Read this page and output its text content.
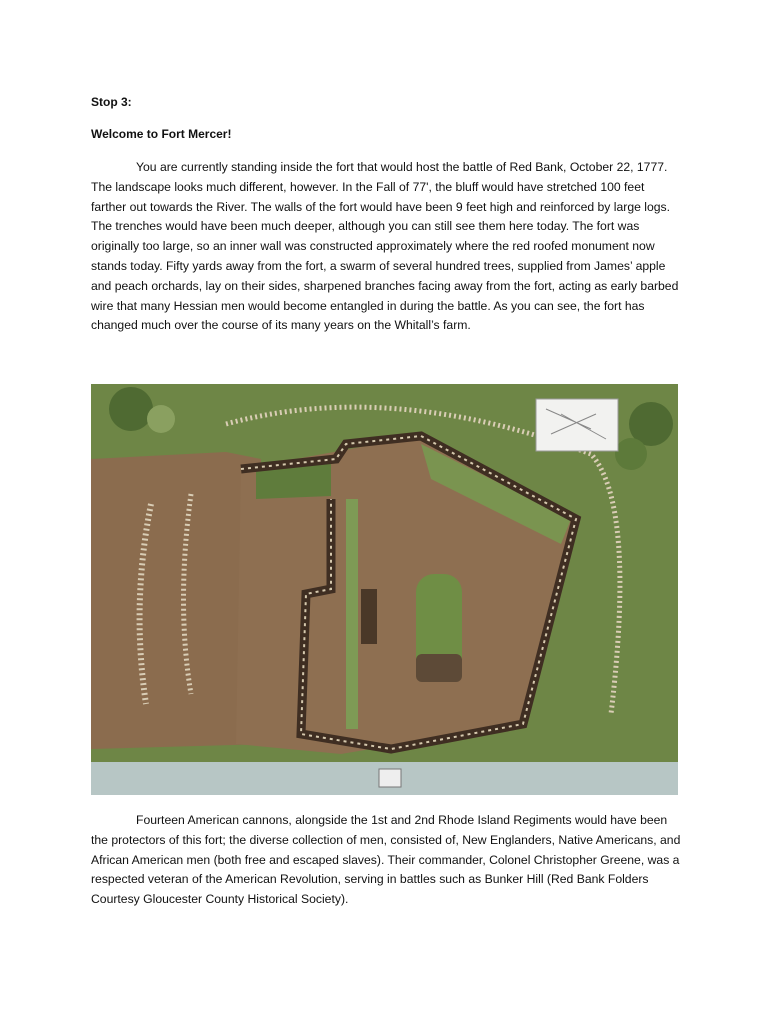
Stop 3:
Welcome to Fort Mercer!

You are currently standing inside the fort that would host the battle of Red Bank, October 22, 1777. The landscape looks much different, however. In the Fall of 77', the bluff would have stretched 100 feet farther out towards the River. The walls of the fort would have been 9 feet high and reinforced by large logs. The trenches would have been much deeper, although you can still see them here today. The fort was originally too large, so an inner wall was constructed approximately where the red roofed monument now stands today. Fifty yards away from the fort, a swarm of several hundred trees, supplied from James’ apple and peach orchards, lay on their sides, sharpened branches facing away from the fort, acting as early barbed wire that many Hessian men would become entangled in during the battle. As you can see, the fort has changed much over the course of its many years on the Whitall’s farm.

Fourteen American cannons, alongside the 1st and 2nd Rhode Island Regiments would have been the protectors of this fort; the diverse collection of men, consisted of, New Englanders, Native Americans, and African American men (both free and escaped slaves). Their commander, Colonel Christopher Greene, was a respected veteran of the American Revolution, serving in battles such as Bunker Hill (Red Bank Folders Courtesy Gloucester County Historical Society).
